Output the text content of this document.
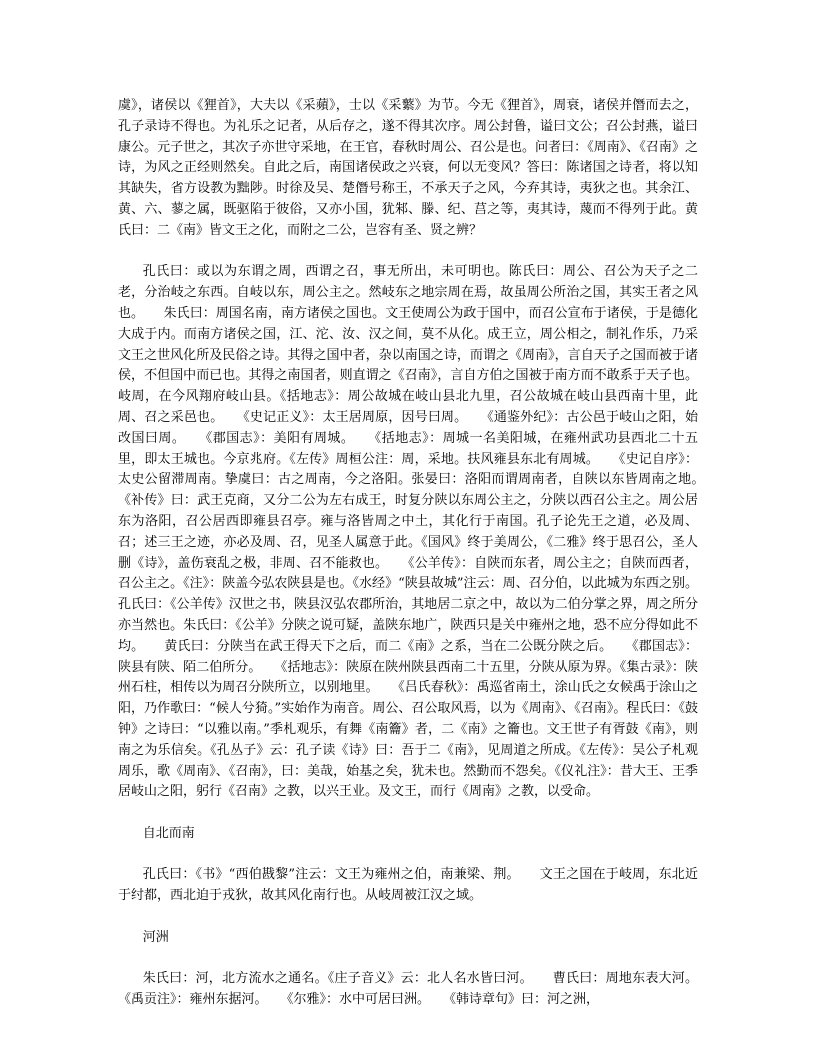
虞》，诸侯以《狸首》，大夫以《采蘋》，士以《采蘩》为节。今无《狸首》，周衰，诸侯并僭而去之，孔子录诗不得也。为礼乐之记者，从后存之，遂不得其次序。周公封鲁，谥曰文公；召公封燕，谥曰康公。元子世之，其次子亦世守采地，在王官，春秋时周公、召公是也。问者曰：《周南》、《召南》之诗，为风之正经则然矣。自此之后，南国诸侯政之兴衰，何以无变风？答曰：陈诸国之诗者，将以知其缺失，省方设教为黜陟。时徐及吴、楚僭号称王，不承天子之风，今弃其诗，夷狄之也。其余江、黄、六、蓼之属，既驱陷于彼俗，又亦小国，犹邾、滕、纪、莒之等，夷其诗，蔑而不得列于此。黄氏曰：二《南》皆文王之化，而附之二公，岂容有圣、贤之辨？

孔氏曰：或以为东谓之周，西谓之召，事无所出，未可明也。陈氏曰：周公、召公为天子之二老，分治岐之东西。自岐以东，周公主之。然岐东之地宗周在焉，故虽周公所治之国，其实王者之风也。　　朱氏曰：周国名南，南方诸侯之国也。文王使周公为政于国中，而召公宣布于诸侯，于是德化大成于内。而南方诸侯之国，江、沱、汝、汉之间，莫不从化。成王立，周公相之，制礼作乐，乃采文王之世风化所及民俗之诗。其得之国中者，杂以南国之诗，而谓之《周南》，言自天子之国而被于诸侯，不但国中而已也。其得之南国者，则直谓之《召南》，言自方伯之国被于南方而不敢系于天子也。岐周，在今风翔府岐山县。《括地志》：周公故城在岐山县北九里，召公故城在岐山县西南十里，此周、召之采邑也。　　《史记正义》：太王居周原，因号曰周。　　《通鉴外纪》：古公邑于岐山之阳，始改国曰周。　　《郡国志》：美阳有周城。　　《括地志》：周城一名美阳城，在雍州武功县西北二十五里，即太王城也。今京兆府。《左传》周桓公注：周，采地。扶风雍县东北有周城。　　《史记自序》：太史公留滞周南。挚虞曰：古之周南，今之洛阳。张晏曰：洛阳而谓周南者，自陕以东皆周南之地。　　《补传》曰：武王克商，又分二公为左右成王，时复分陕以东周公主之，分陕以西召公主之。周公居东为洛阳，召公居西即雍县召亭。雍与洛皆周之中土，其化行于南国。孔子论先王之道，必及周、召；述三王之迹，亦必及周、召，见圣人属意于此。《国风》终于美周公，《二雅》终于思召公，圣人删《诗》，盖伤衰乱之极，非周、召不能救也。　　《公羊传》：自陕而东者，周公主之；自陕而西者，召公主之。《注》：陕盖今弘农陕县是也。《水经》“陕县故城”注云：周、召分伯，以此城为东西之别。孔氏曰：《公羊传》汉世之书，陕县汉弘农郡所治，其地居二京之中，故以为二伯分掌之界，周之所分亦当然也。朱氏曰：《公羊》分陕之说可疑，盖陕东地广，陕西只是关中雍州之地，恐不应分得如此不均。　　黄氏曰：分陕当在武王得天下之后，而二《南》之系，当在二公既分陕之后。　　《郡国志》：陕县有陕、陌二伯所分。　　《括地志》：陕原在陕州陕县西南二十五里，分陕从原为界。《集古录》：陕州石柱，相传以为周召分陕所立，以别地里。　　《吕氏春秋》：禹巡省南土，涂山氏之女候禹于涂山之阳，乃作歌曰：“候人兮猗。”实始作为南音。周公、召公取风焉，以为《周南》、《召南》。程氏曰：《鼓钟》之诗曰：“以雅以南。”季札观乐，有舞《南籥》者，二《南》之籥也。文王世子有胥鼓《南》，则南之为乐信矣。《孔丛子》云：孔子读《诗》曰：吾于二《南》，见周道之所成。《左传》：吴公子札观周乐，歌《周南》、《召南》，曰：美哉，始基之矣，犹未也。然勤而不怨矣。《仪礼注》：昔大王、王季居岐山之阳，躬行《召南》之教，以兴王业。及文王，而行《周南》之教，以受命。

自北而南

孔氏曰：《书》“西伯戡黎”注云：文王为雍州之伯，南兼梁、荆。　　文王之国在于岐周，东北近于纣都，西北迫于戎狄，故其风化南行也。从岐周被江汉之域。

河洲

朱氏曰：河，北方流水之通名。《庄子音义》云：北人名水皆曰河。　　曹氏曰：周地东表大河。《禹贡注》：雍州东据河。　　《尔雅》：水中可居曰洲。　　《韩诗章句》曰：河之洲，
